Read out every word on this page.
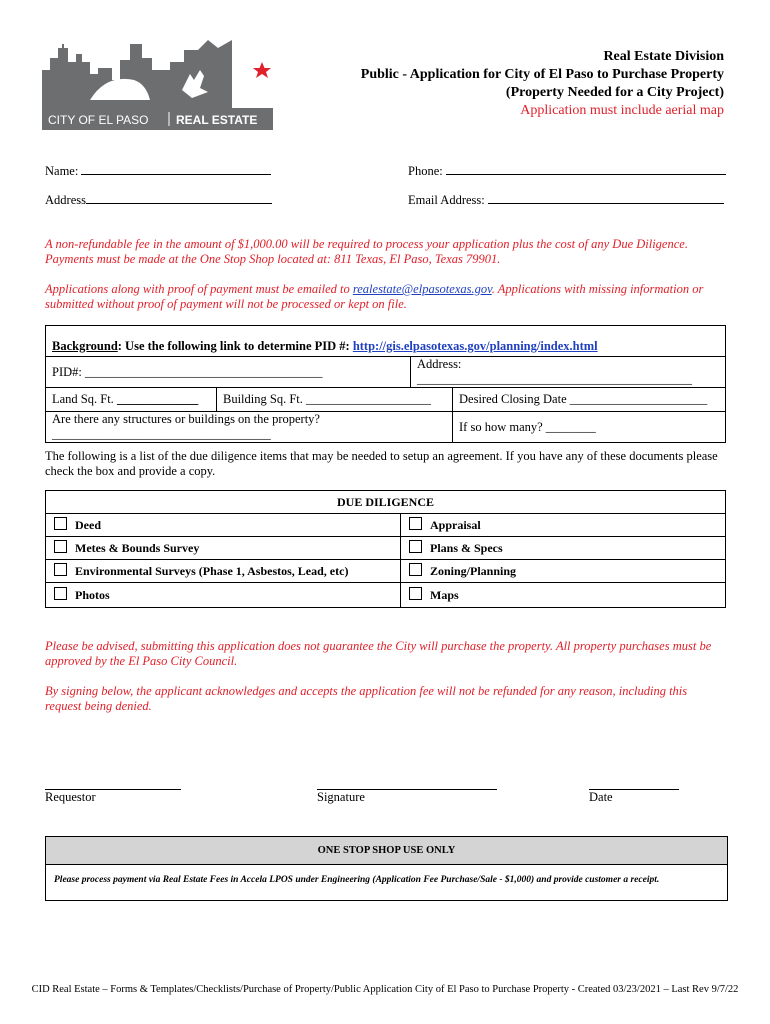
CITY OF EL PASO REAL ESTATE
EP
TX
Real Estate Division
Public - Application for City of El Paso to Purchase Property
(Property Needed for a City Project)
Application must include aerial map
Name:	Phone:
Address	Email Address:
A non-refundable fee in the amount of $1,000.00 will be required to process your application plus the cost of any Due Diligence.
Payments must be made at the One Stop Shop located at: 811 Texas, El Paso, Texas 79901.
Applications along with proof of payment must be emailed to realestate@elpasotexas.gov. Applications with missing information or
submitted without proof of payment will not be processed or kept on file.
Background: Use the following link to determine PID #: http://gis.elpasotexas.gov/planning/index.html			
PID#: ______________________________________		Address: ____________________________________________	
Land Sq. Ft. _____________	Building Sq. Ft. ____________________		Desired Closing Date ______________________
Are there any structures or buildings on the property? ___________________________________			If so how many? ________
The following is a list of the due diligence items that may be needed to setup an agreement. If you have any of these documents please
check the box and provide a copy.
DUE DILIGENCE	
Deed	Appraisal
Metes & Bounds Survey	Plans & Specs
Environmental Surveys (Phase 1, Asbestos, Lead, etc)	Zoning/Planning
Photos	Maps
Please be advised, submitting this application does not guarantee the City will purchase the property. All property purchases must be
approved by the El Paso City Council.
By signing below, the applicant acknowledges and accepts the application fee will not be refunded for any reason, including this
request being denied.
Requestor	Signature	Date
ONE STOP SHOP USE ONLY
Please process payment via Real Estate Fees in Accela LPOS under Engineering (Application Fee Purchase/Sale - $1,000) and provide customer a receipt.
CID Real Estate – Forms & Templates/Checklists/Purchase of Property/Public Application City of El Paso to Purchase Property - Created 03/23/2021 – Last Rev 9/7/22
